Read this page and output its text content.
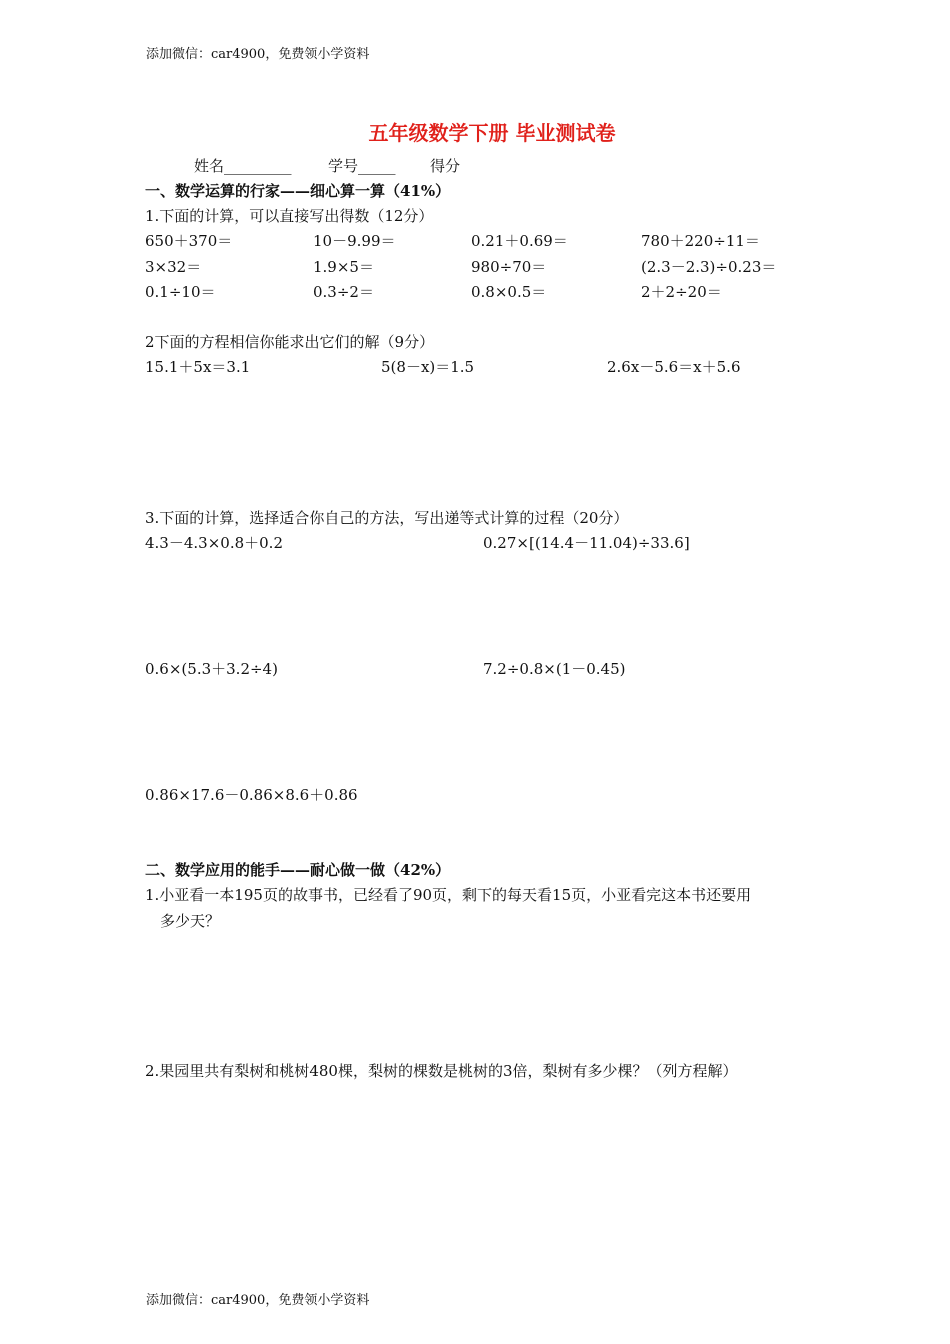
添加微信：car4900，免费领小学资料
五年级数学下册 毕业测试卷
姓名_________ 学号_____ 得分
一、数学运算的行家——细心算一算（41%）
1.下面的计算，可以直接写出得数（12分）
650＋370＝	10－9.99＝	0.21＋0.69＝	780＋220÷11＝
3×32＝	1.9×5＝	980÷70＝	(2.3－2.3)÷0.23＝
0.1÷10＝	0.3÷2＝	0.8×0.5＝	2＋2÷20＝
2下面的方程相信你能求出它们的解（9分）
15.1＋5x＝3.1	5(8－x)＝1.5	2.6x－5.6＝x＋5.6
3.下面的计算，选择适合你自己的方法，写出递等式计算的过程（20分）
4.3－4.3×0.8＋0.2	0.27×[(14.4－11.04)÷33.6]
0.6×(5.3＋3.2÷4)	7.2÷0.8×(1－0.45)
0.86×17.6－0.86×8.6＋0.86
二、数学应用的能手——耐心做一做（42%）
1.小亚看一本195页的故事书，已经看了90页，剩下的每天看15页，小亚看完这本书还要用
多少天？
2.果园里共有梨树和桃树480棵，梨树的棵数是桃树的3倍，梨树有多少棵？（列方程解）
添加微信：car4900，免费领小学资料
